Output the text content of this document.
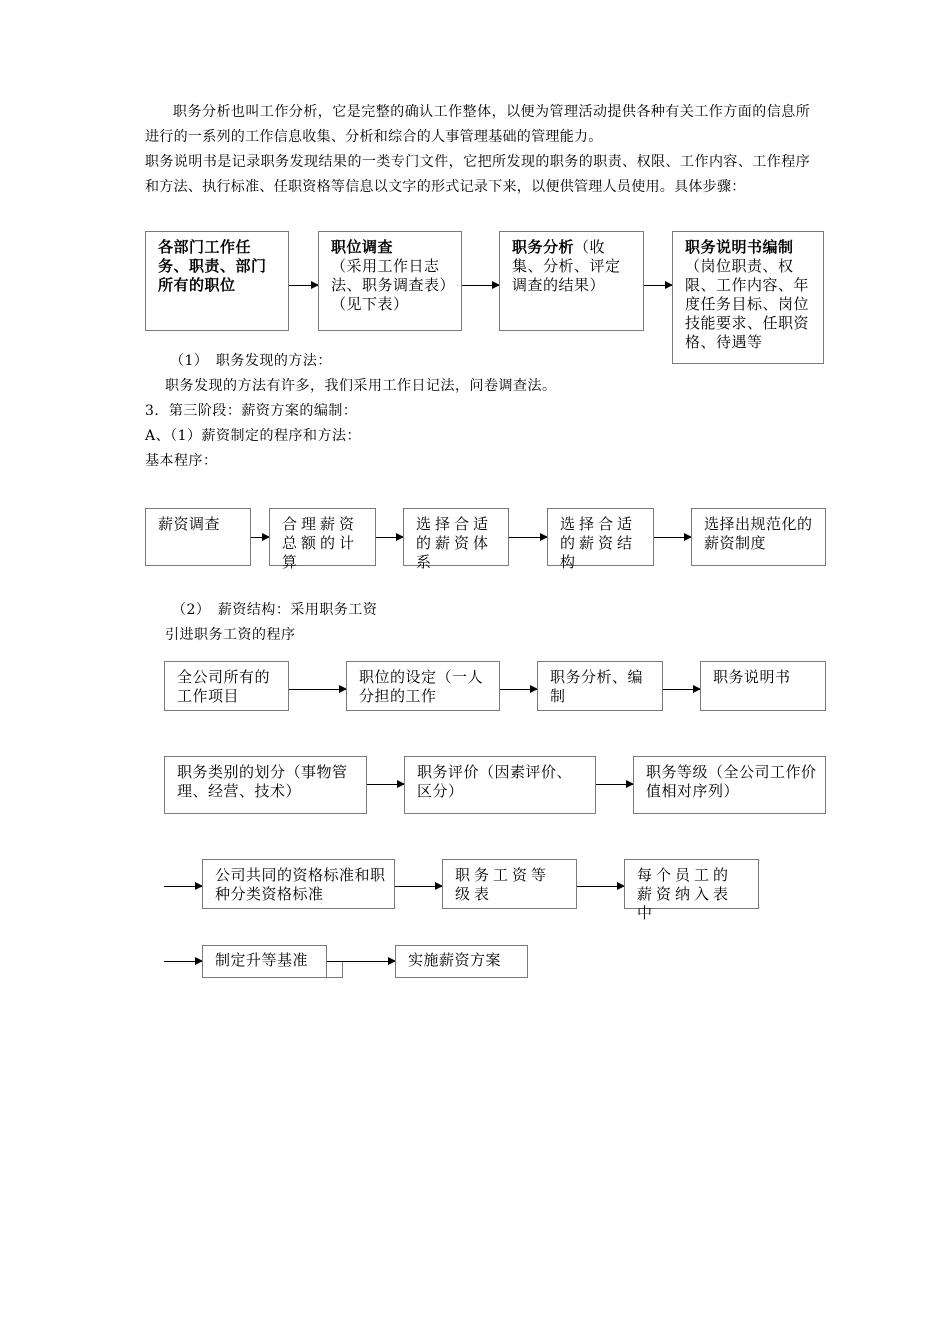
职务分析也叫工作分析，它是完整的确认工作整体，以便为管理活动提供各种有关工作方面的信息所进行的一系列的工作信息收集、分析和综合的人事管理基础的管理能力。

职务说明书是记录职务发现结果的一类专门文件，它把所发现的职务的职责、权限、工作内容、工作程序和方法、执行标准、任职资格等信息以文字的形式记录下来，以便供管理人员使用。具体步骤：

各部门工作任务、职责、部门所有的职位
职位调查
（采用工作日志法、职务调查表）（见下表）
职务分析（收集、分析、评定调查的结果）
职务说明书编制
（岗位职责、权限、工作内容、年度任务目标、岗位技能要求、任职资格、待遇等
（1）　职务发现的方法：
职务发现的方法有许多，我们采用工作日记法，问卷调查法。
3．第三阶段：薪资方案的编制：
A、（1）薪资制定的程序和方法：
基本程序：
薪资调查	合理薪资总额的计算
选择合适的薪资体系
选择合适的薪资结构
选择出规范化的薪资制度
（2）　薪资结构：采用职务工资
引进职务工资的程序
全公司所有的工作项目
职位的设定（一人分担的工作
职务分析、编制
职务说明书
职务类别的划分（事物管理、经营、技术）
职务评价（因素评价、区分）
职务等级（全公司工作价值相对序列）
公司共同的资格标准和职种分类资格标准
职务工资等级表
每个员工的薪资纳入表中
制定升等基准	实施薪资方案
